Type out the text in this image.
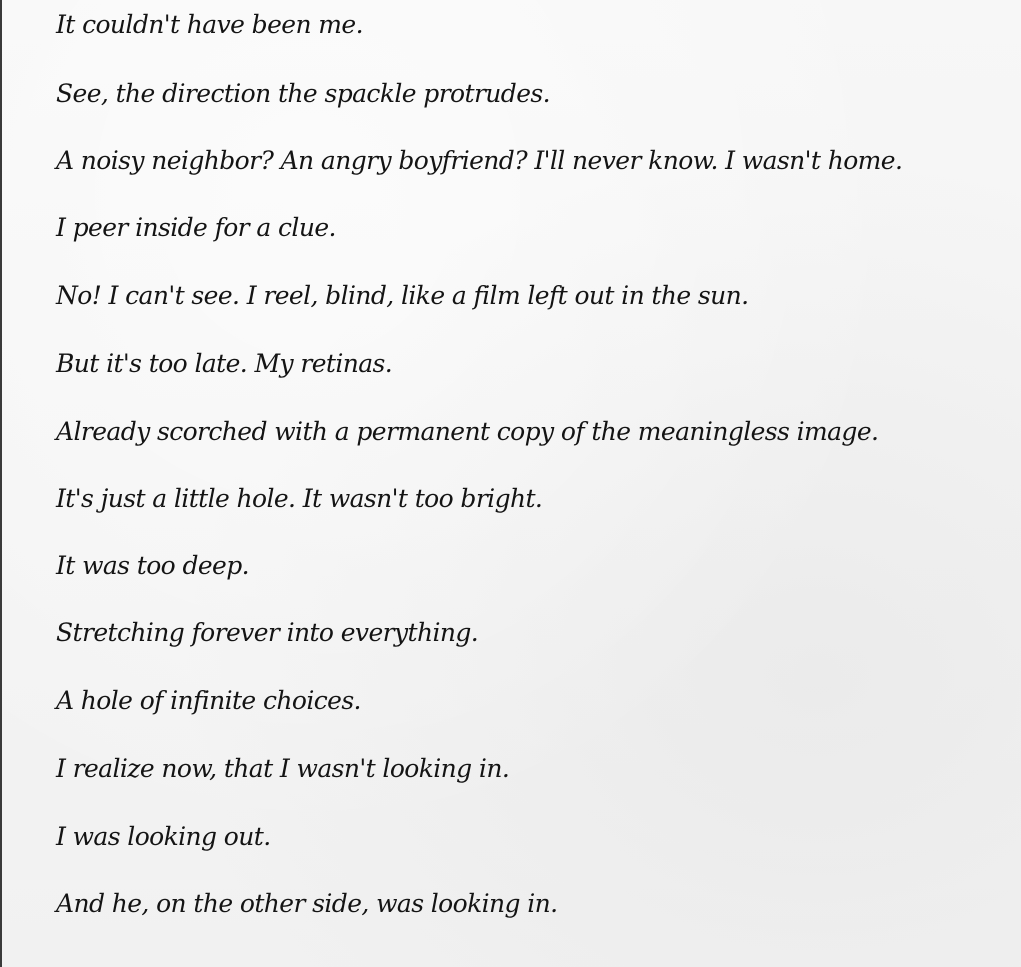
It couldn't have been me.
See, the direction the spackle protrudes.
A noisy neighbor? An angry boyfriend? I'll never know. I wasn't home.
I peer inside for a clue.
No! I can't see. I reel, blind, like a film left out in the sun.
But it's too late. My retinas.
Already scorched with a permanent copy of the meaningless image.
It's just a little hole. It wasn't too bright.
It was too deep.
Stretching forever into everything.
A hole of infinite choices.
I realize now, that I wasn't looking in.
I was looking out.
And he, on the other side, was looking in.
